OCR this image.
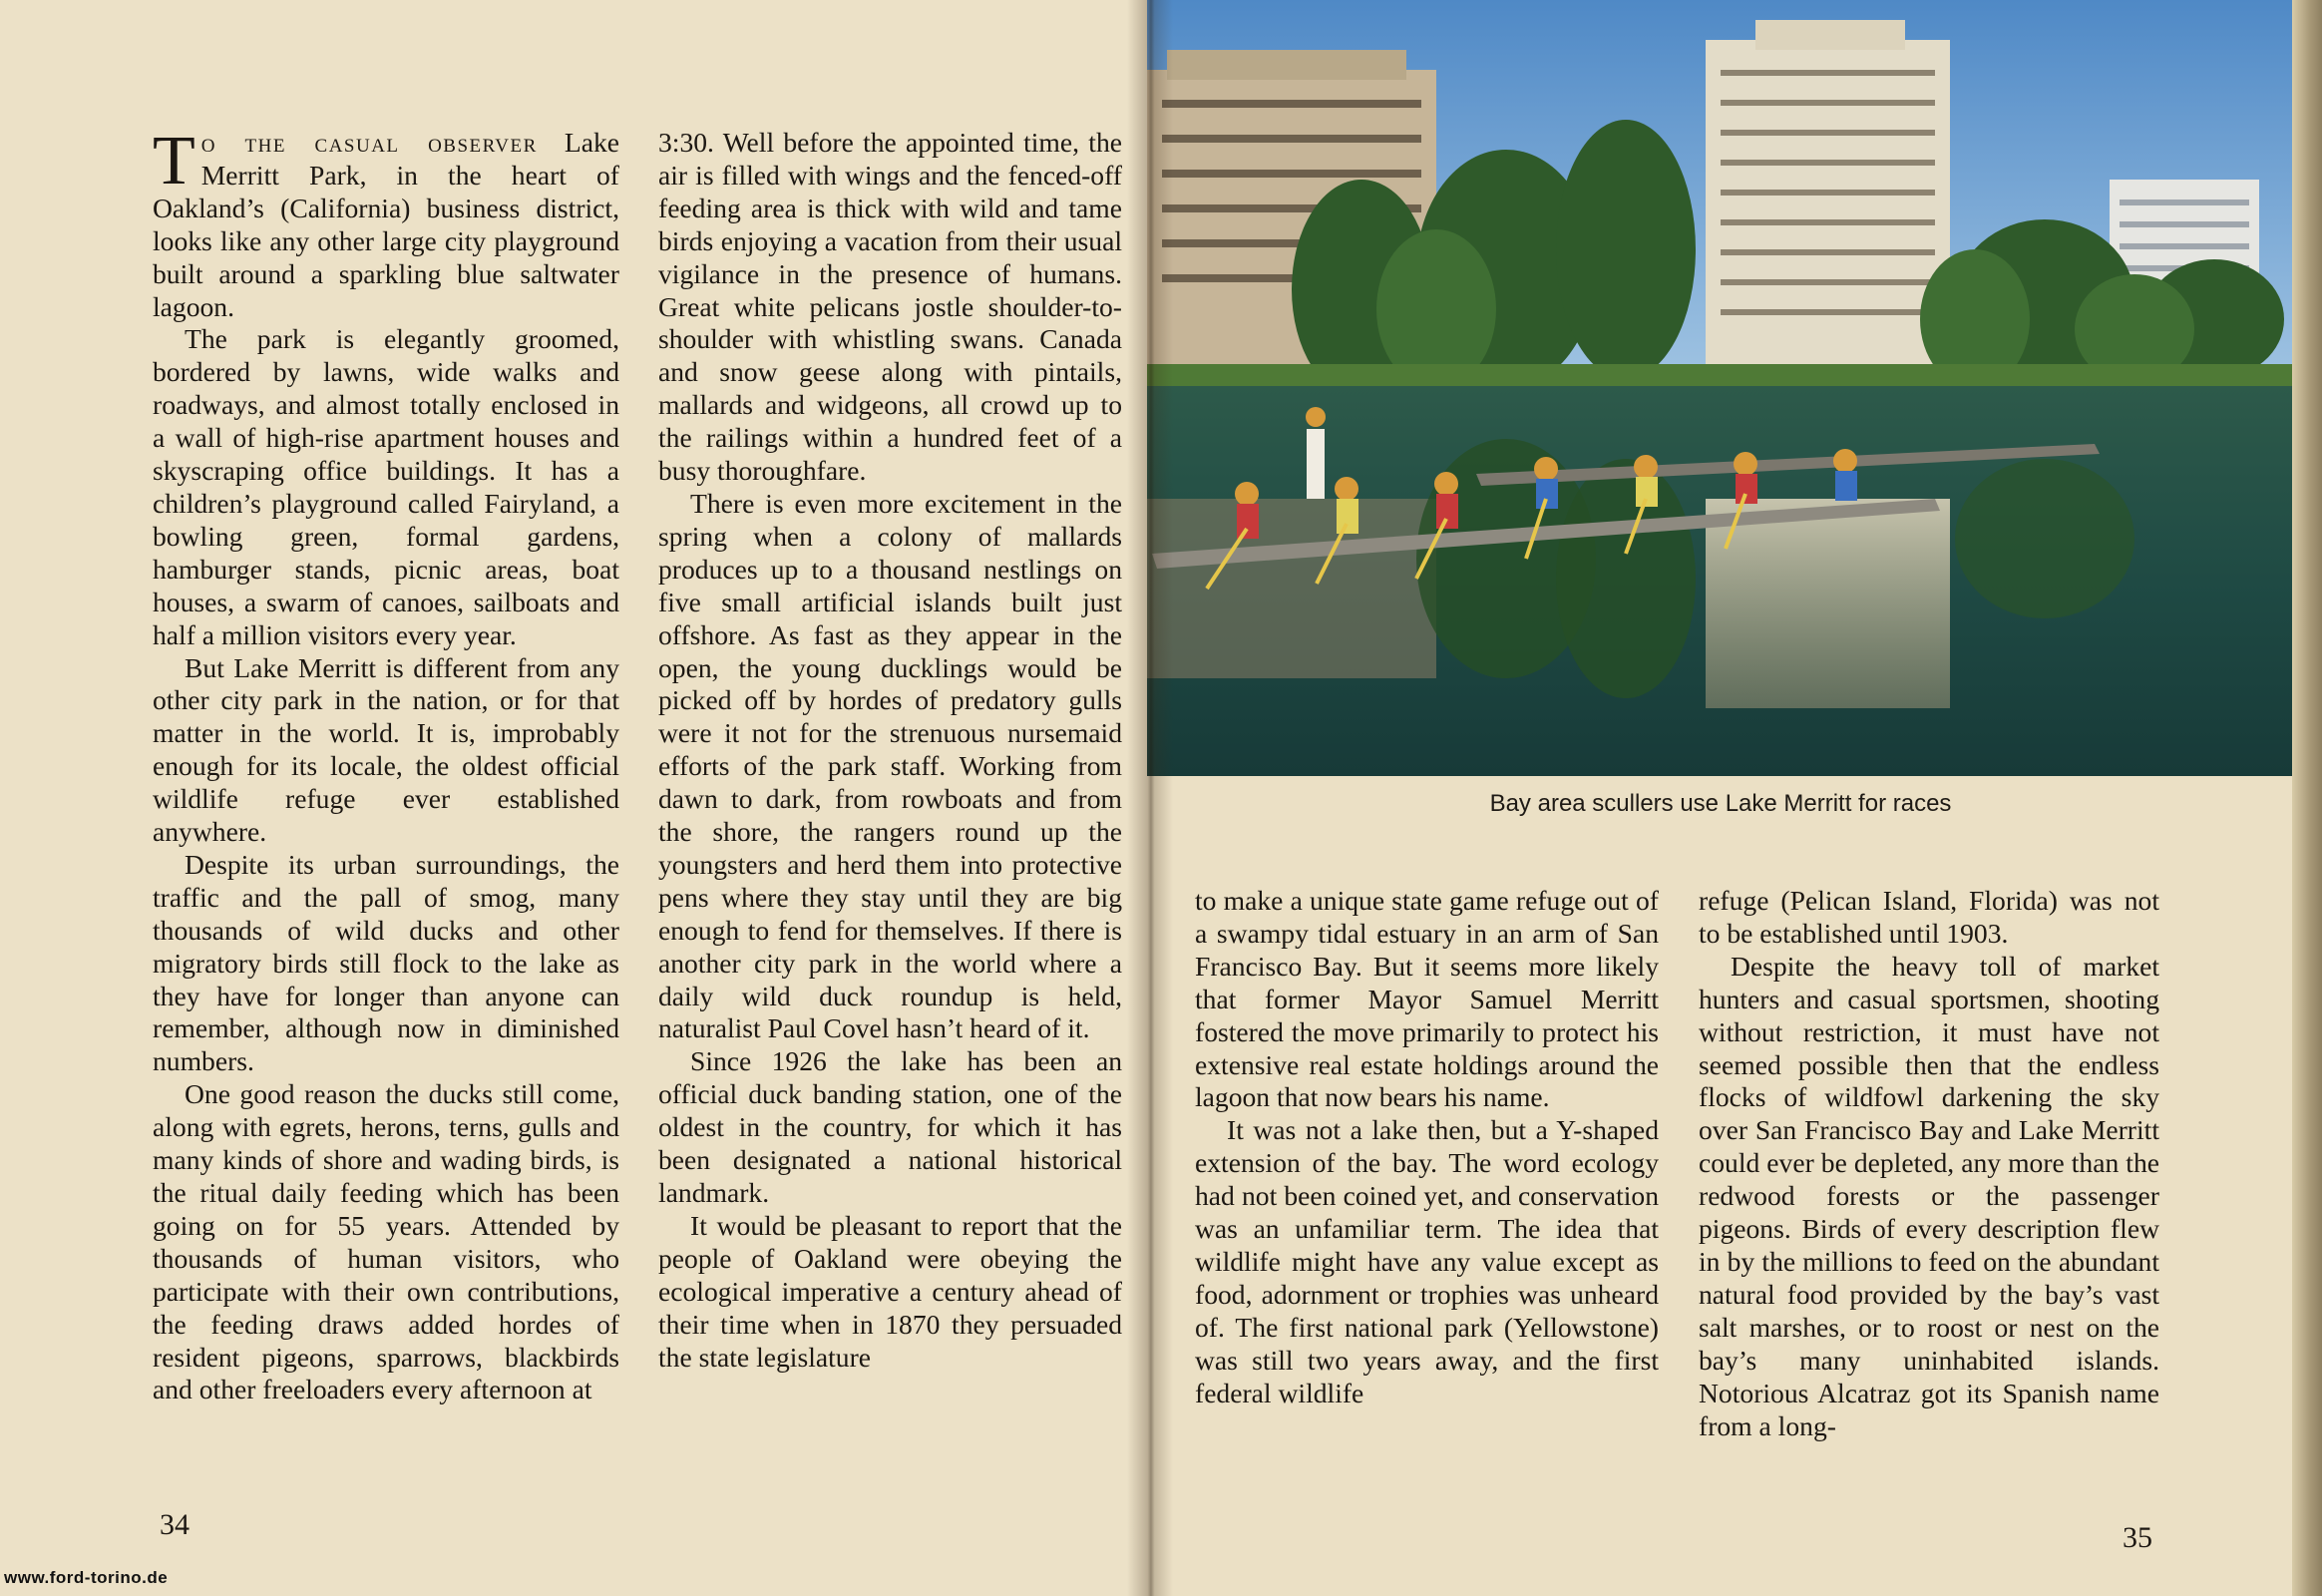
To the casual observer Lake Merritt Park, in the heart of Oakland’s (California) business district, looks like any other large city playground built around a sparkling blue saltwater lagoon.

The park is elegantly groomed, bordered by lawns, wide walks and roadways, and almost totally enclosed in a wall of high-rise apartment houses and skyscraping office buildings. It has a children’s playground called Fairyland, a bowling green, formal gardens, hamburger stands, picnic areas, boat houses, a swarm of canoes, sailboats and half a million visitors every year.

But Lake Merritt is different from any other city park in the nation, or for that matter in the world. It is, improbably enough for its locale, the oldest official wildlife refuge ever established anywhere.

Despite its urban surroundings, the traffic and the pall of smog, many thousands of wild ducks and other migratory birds still flock to the lake as they have for longer than anyone can remember, although now in diminished numbers.

One good reason the ducks still come, along with egrets, herons, terns, gulls and many kinds of shore and wading birds, is the ritual daily feeding which has been going on for 55 years. Attended by thousands of human visitors, who participate with their own contributions, the feeding draws added hordes of resident pigeons, sparrows, blackbirds and other freeloaders every afternoon at

3:30. Well before the appointed time, the air is filled with wings and the fenced-off feeding area is thick with wild and tame birds enjoying a vacation from their usual vigilance in the presence of humans. Great white pelicans jostle shoulder-to-shoulder with whistling swans. Canada and snow geese along with pintails, mallards and widgeons, all crowd up to the railings within a hundred feet of a busy thoroughfare.

There is even more excitement in the spring when a colony of mallards produces up to a thousand nestlings on five small artificial islands built just offshore. As fast as they appear in the open, the young ducklings would be picked off by hordes of predatory gulls were it not for the strenuous nursemaid efforts of the park staff. Working from dawn to dark, from rowboats and from the shore, the rangers round up the youngsters and herd them into protective pens where they stay until they are big enough to fend for themselves. If there is another city park in the world where a daily wild duck roundup is held, naturalist Paul Covel hasn’t heard of it.

Since 1926 the lake has been an official duck banding station, one of the oldest in the country, for which it has been designated a national historical landmark.

It would be pleasant to report that the people of Oakland were obeying the ecological imperative a century ahead of their time when in 1870 they persuaded the state legislature

34

to make a unique state game refuge out of a swampy tidal estuary in an arm of San Francisco Bay. But it seems more likely that former Mayor Samuel Merritt fostered the move primarily to protect his extensive real estate holdings around the lagoon that now bears his name.

It was not a lake then, but a Y-shaped extension of the bay. The word ecology had not been coined yet, and conservation was an unfamiliar term. The idea that wildlife might have any value except as food, adornment or trophies was unheard of. The first national park (Yellowstone) was still two years away, and the first federal wildlife

refuge (Pelican Island, Florida) was not to be established until 1903.

Despite the heavy toll of market hunters and casual sportsmen, shooting without restriction, it must have not seemed possible then that the endless flocks of wildfowl darkening the sky over San Francisco Bay and Lake Merritt could ever be depleted, any more than the redwood forests or the passenger pigeons. Birds of every description flew in by the millions to feed on the abundant natural food provided by the bay’s vast salt marshes, or to roost or nest on the bay’s many uninhabited islands. Notorious Alcatraz got its Spanish name from a long-

35
Bay area scullers use Lake Merritt for races
www.ford-torino.de
